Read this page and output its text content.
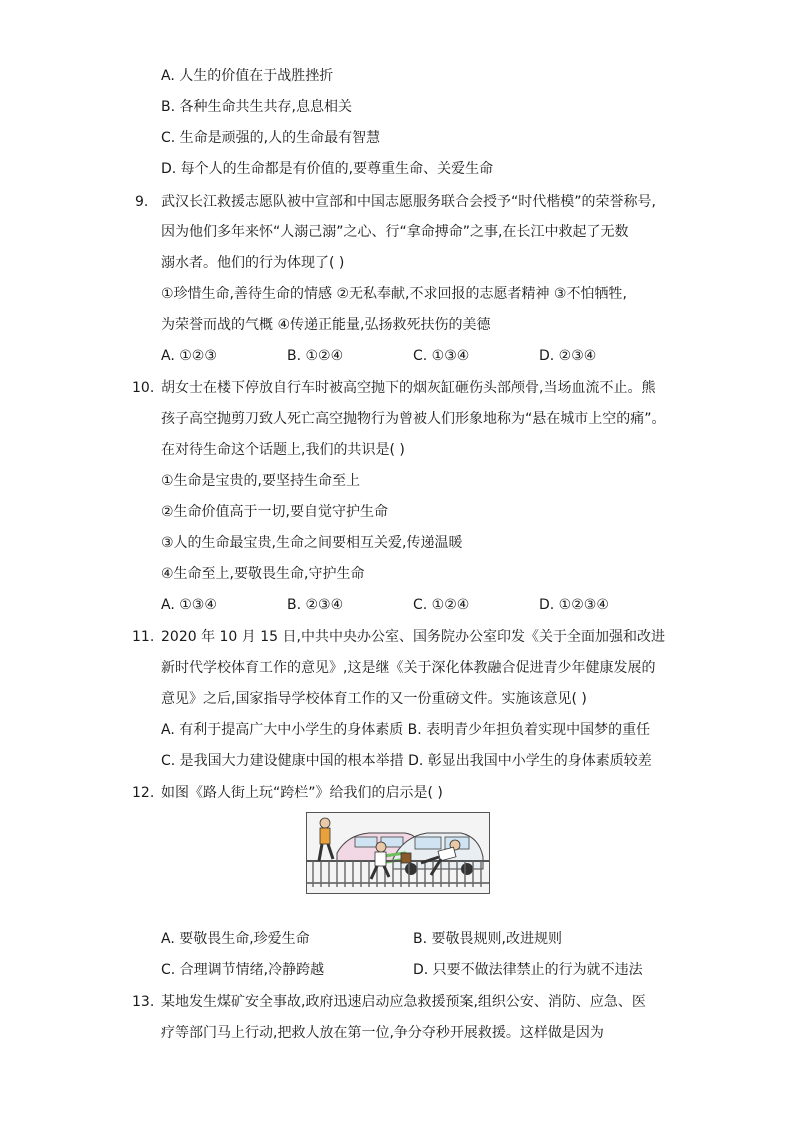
A. 人生的价值在于战胜挫折
B. 各种生命共生共存,息息相关
C. 生命是顽强的,人的生命最有智慧
D. 每个人的生命都是有价值的,要尊重生命、关爱生命
9. 武汉长江救援志愿队被中宣部和中国志愿服务联合会授予“时代楷模”的荣誉称号,
因为他们多年来怀“人溺己溺”之心、行“拿命搏命”之事,在长江中救起了无数
溺水者。他们的行为体现了( )
①珍惜生命,善待生命的情感 ②无私奉献,不求回报的志愿者精神 ③不怕牺牲,
为荣誉而战的气概 ④传递正能量,弘扬救死扶伤的美德
A. ①②③	B. ①②④	C. ①③④	D. ②③④
10. 胡女士在楼下停放自行车时被高空抛下的烟灰缸砸伤头部颅骨,当场血流不止。熊
孩子高空抛剪刀致人死亡高空抛物行为曾被人们形象地称为“悬在城市上空的痛”。
在对待生命这个话题上,我们的共识是( )
①生命是宝贵的,要坚持生命至上
②生命价值高于一切,要自觉守护生命
③人的生命最宝贵,生命之间要相互关爱,传递温暖
④生命至上,要敬畏生命,守护生命
A. ①③④	B. ②③④	C. ①②④	D. ①②③④
11. 2020 年 10 月 15 日,中共中央办公室、国务院办公室印发《关于全面加强和改进
新时代学校体育工作的意见》,这是继《关于深化体教融合促进青少年健康发展的
意见》之后,国家指导学校体育工作的又一份重磅文件。实施该意见( )
A. 有利于提高广大中小学生的身体素质 B. 表明青少年担负着实现中国梦的重任
C. 是我国大力建设健康中国的根本举措 D. 彰显出我国中小学生的身体素质较差
12. 如图《路人街上玩“跨栏”》给我们的启示是( )
A. 要敬畏生命,珍爱生命	B. 要敬畏规则,改进规则
C. 合理调节情绪,冷静跨越	D. 只要不做法律禁止的行为就不违法
13. 某地发生煤矿安全事故,政府迅速启动应急救援预案,组织公安、消防、应急、医
疗等部门马上行动,把救人放在第一位,争分夺秒开展救援。这样做是因为
